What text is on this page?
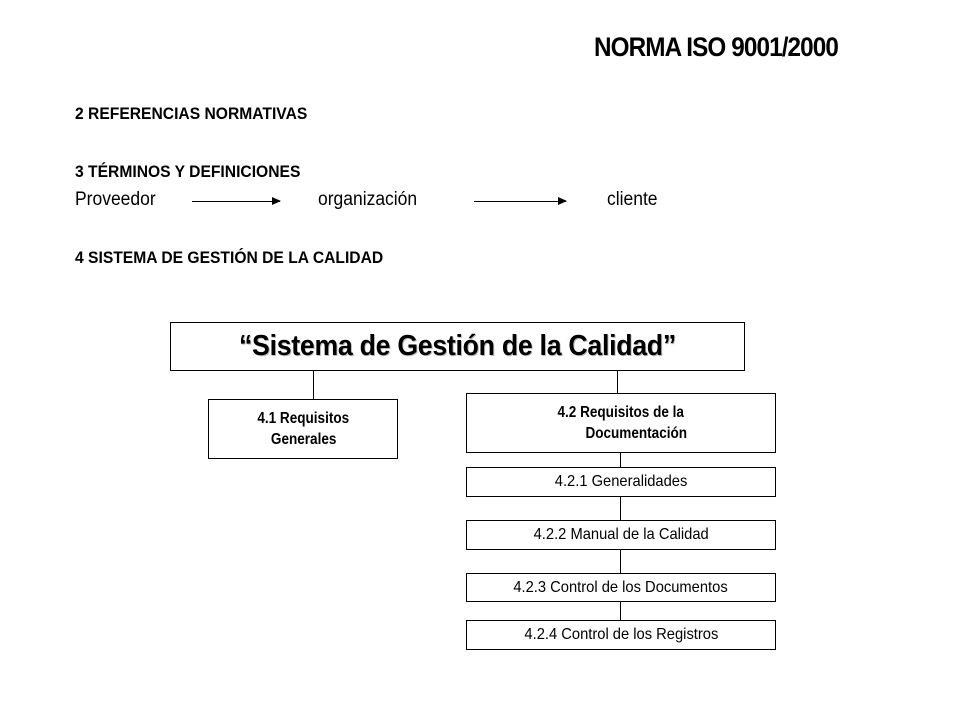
NORMA ISO 9001/2000
2 REFERENCIAS NORMATIVAS
3 TÉRMINOS Y DEFINICIONES
Proveedor	organización	cliente
4 SISTEMA DE GESTIÓN DE LA CALIDAD
“Sistema de Gestión de la Calidad”
4.1 Requisitos
Generales
4.2 Requisitos de la
Documentación
4.2.1 Generalidades
4.2.2 Manual de la Calidad
4.2.3 Control de los Documentos
4.2.4 Control de los Registros
